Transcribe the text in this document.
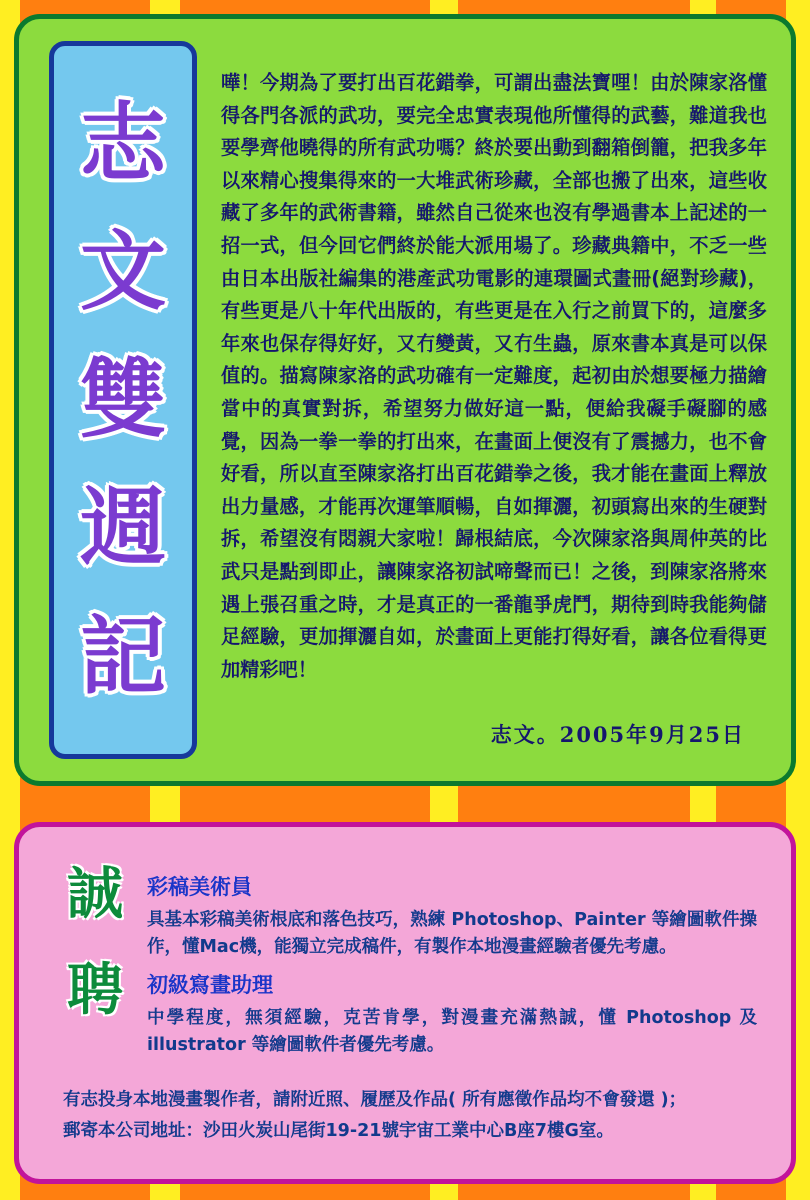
志
文
雙
週
記
嘩！今期為了要打出百花錯拳，可謂出盡法寶哩！由於陳家洛懂得各門各派的武功，要完全忠實表現他所懂得的武藝，難道我也要學齊他曉得的所有武功嗎？終於要出動到翻箱倒籠，把我多年以來精心搜集得來的一大堆武術珍藏，全部也搬了出來，這些收藏了多年的武術書籍，雖然自己從來也沒有學過書本上記述的一招一式，但今回它們終於能大派用場了。珍藏典籍中，不乏一些由日本出版社編集的港產武功電影的連環圖式畫冊(絕對珍藏)，有些更是八十年代出版的，有些更是在入行之前買下的，這麼多年來也保存得好好，又冇變黃，又冇生蟲，原來書本真是可以保值的。描寫陳家洛的武功確有一定難度，起初由於想要極力描繪當中的真實對拆，希望努力做好這一點，便給我礙手礙腳的感覺，因為一拳一拳的打出來，在畫面上便沒有了震撼力，也不會好看，所以直至陳家洛打出百花錯拳之後，我才能在畫面上釋放出力量感，才能再次運筆順暢，自如揮灑，初頭寫出來的生硬對拆，希望沒有悶親大家啦！歸根結底，今次陳家洛與周仲英的比武只是點到即止，讓陳家洛初試啼聲而已！之後，到陳家洛將來遇上張召重之時，才是真正的一番龍爭虎鬥，期待到時我能夠儲足經驗，更加揮灑自如，於畫面上更能打得好看，讓各位看得更加精彩吧！
志文。2005年9月25日
誠
聘
彩稿美術員
具基本彩稿美術根底和落色技巧，熟練 Photoshop、Painter 等繪圖軟件操作，懂Mac機，能獨立完成稿件，有製作本地漫畫經驗者優先考慮。
初級寫畫助理
中學程度，無須經驗，克苦肯學，對漫畫充滿熱誠，懂 Photoshop 及 illustrator 等繪圖軟件者優先考慮。
有志投身本地漫畫製作者，請附近照、履歷及作品( 所有應徵作品均不會發還 )；
郵寄本公司地址：沙田火炭山尾街19-21號宇宙工業中心B座7樓G室。
